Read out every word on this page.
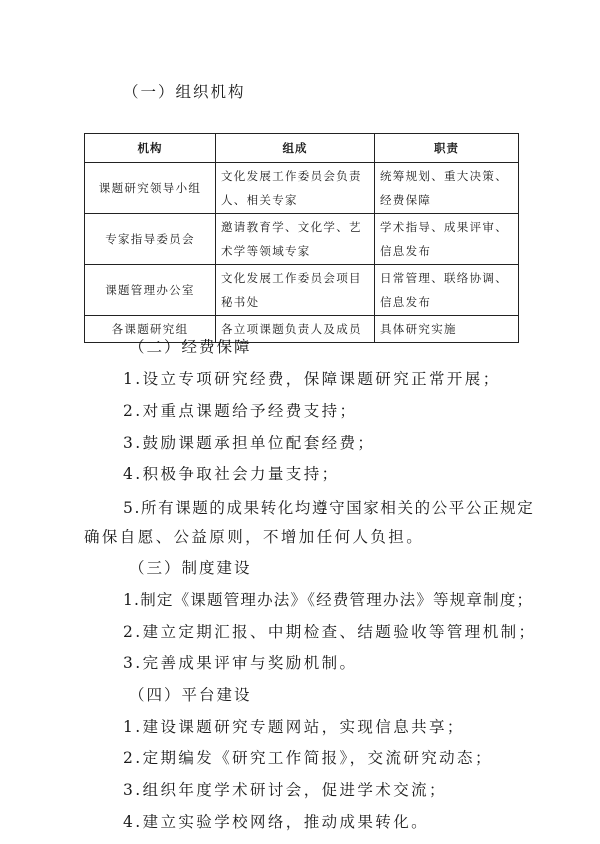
（一）组织机构
机构	组成	职责
课题研究领导小组	文化发展工作委员会负责人、相关专家	统筹规划、重大决策、经费保障
专家指导委员会	邀请教育学、文化学、艺术学等领域专家	学术指导、成果评审、信息发布
课题管理办公室	文化发展工作委员会项目秘书处	日常管理、联络协调、信息发布
各课题研究组	各立项课题负责人及成员	具体研究实施
（二）经费保障
1.设立专项研究经费，保障课题研究正常开展；
2.对重点课题给予经费支持；
3.鼓励课题承担单位配套经费；
4.积极争取社会力量支持；
5.所有课题的成果转化均遵守国家相关的公平公正规定
确保自愿、公益原则，不增加任何人负担。
（三）制度建设
1.制定《课题管理办法》《经费管理办法》等规章制度；
2.建立定期汇报、中期检查、结题验收等管理机制；
3.完善成果评审与奖励机制。
（四）平台建设
1.建设课题研究专题网站，实现信息共享；
2.定期编发《研究工作简报》，交流研究动态；
3.组织年度学术研讨会，促进学术交流；
4.建立实验学校网络，推动成果转化。
